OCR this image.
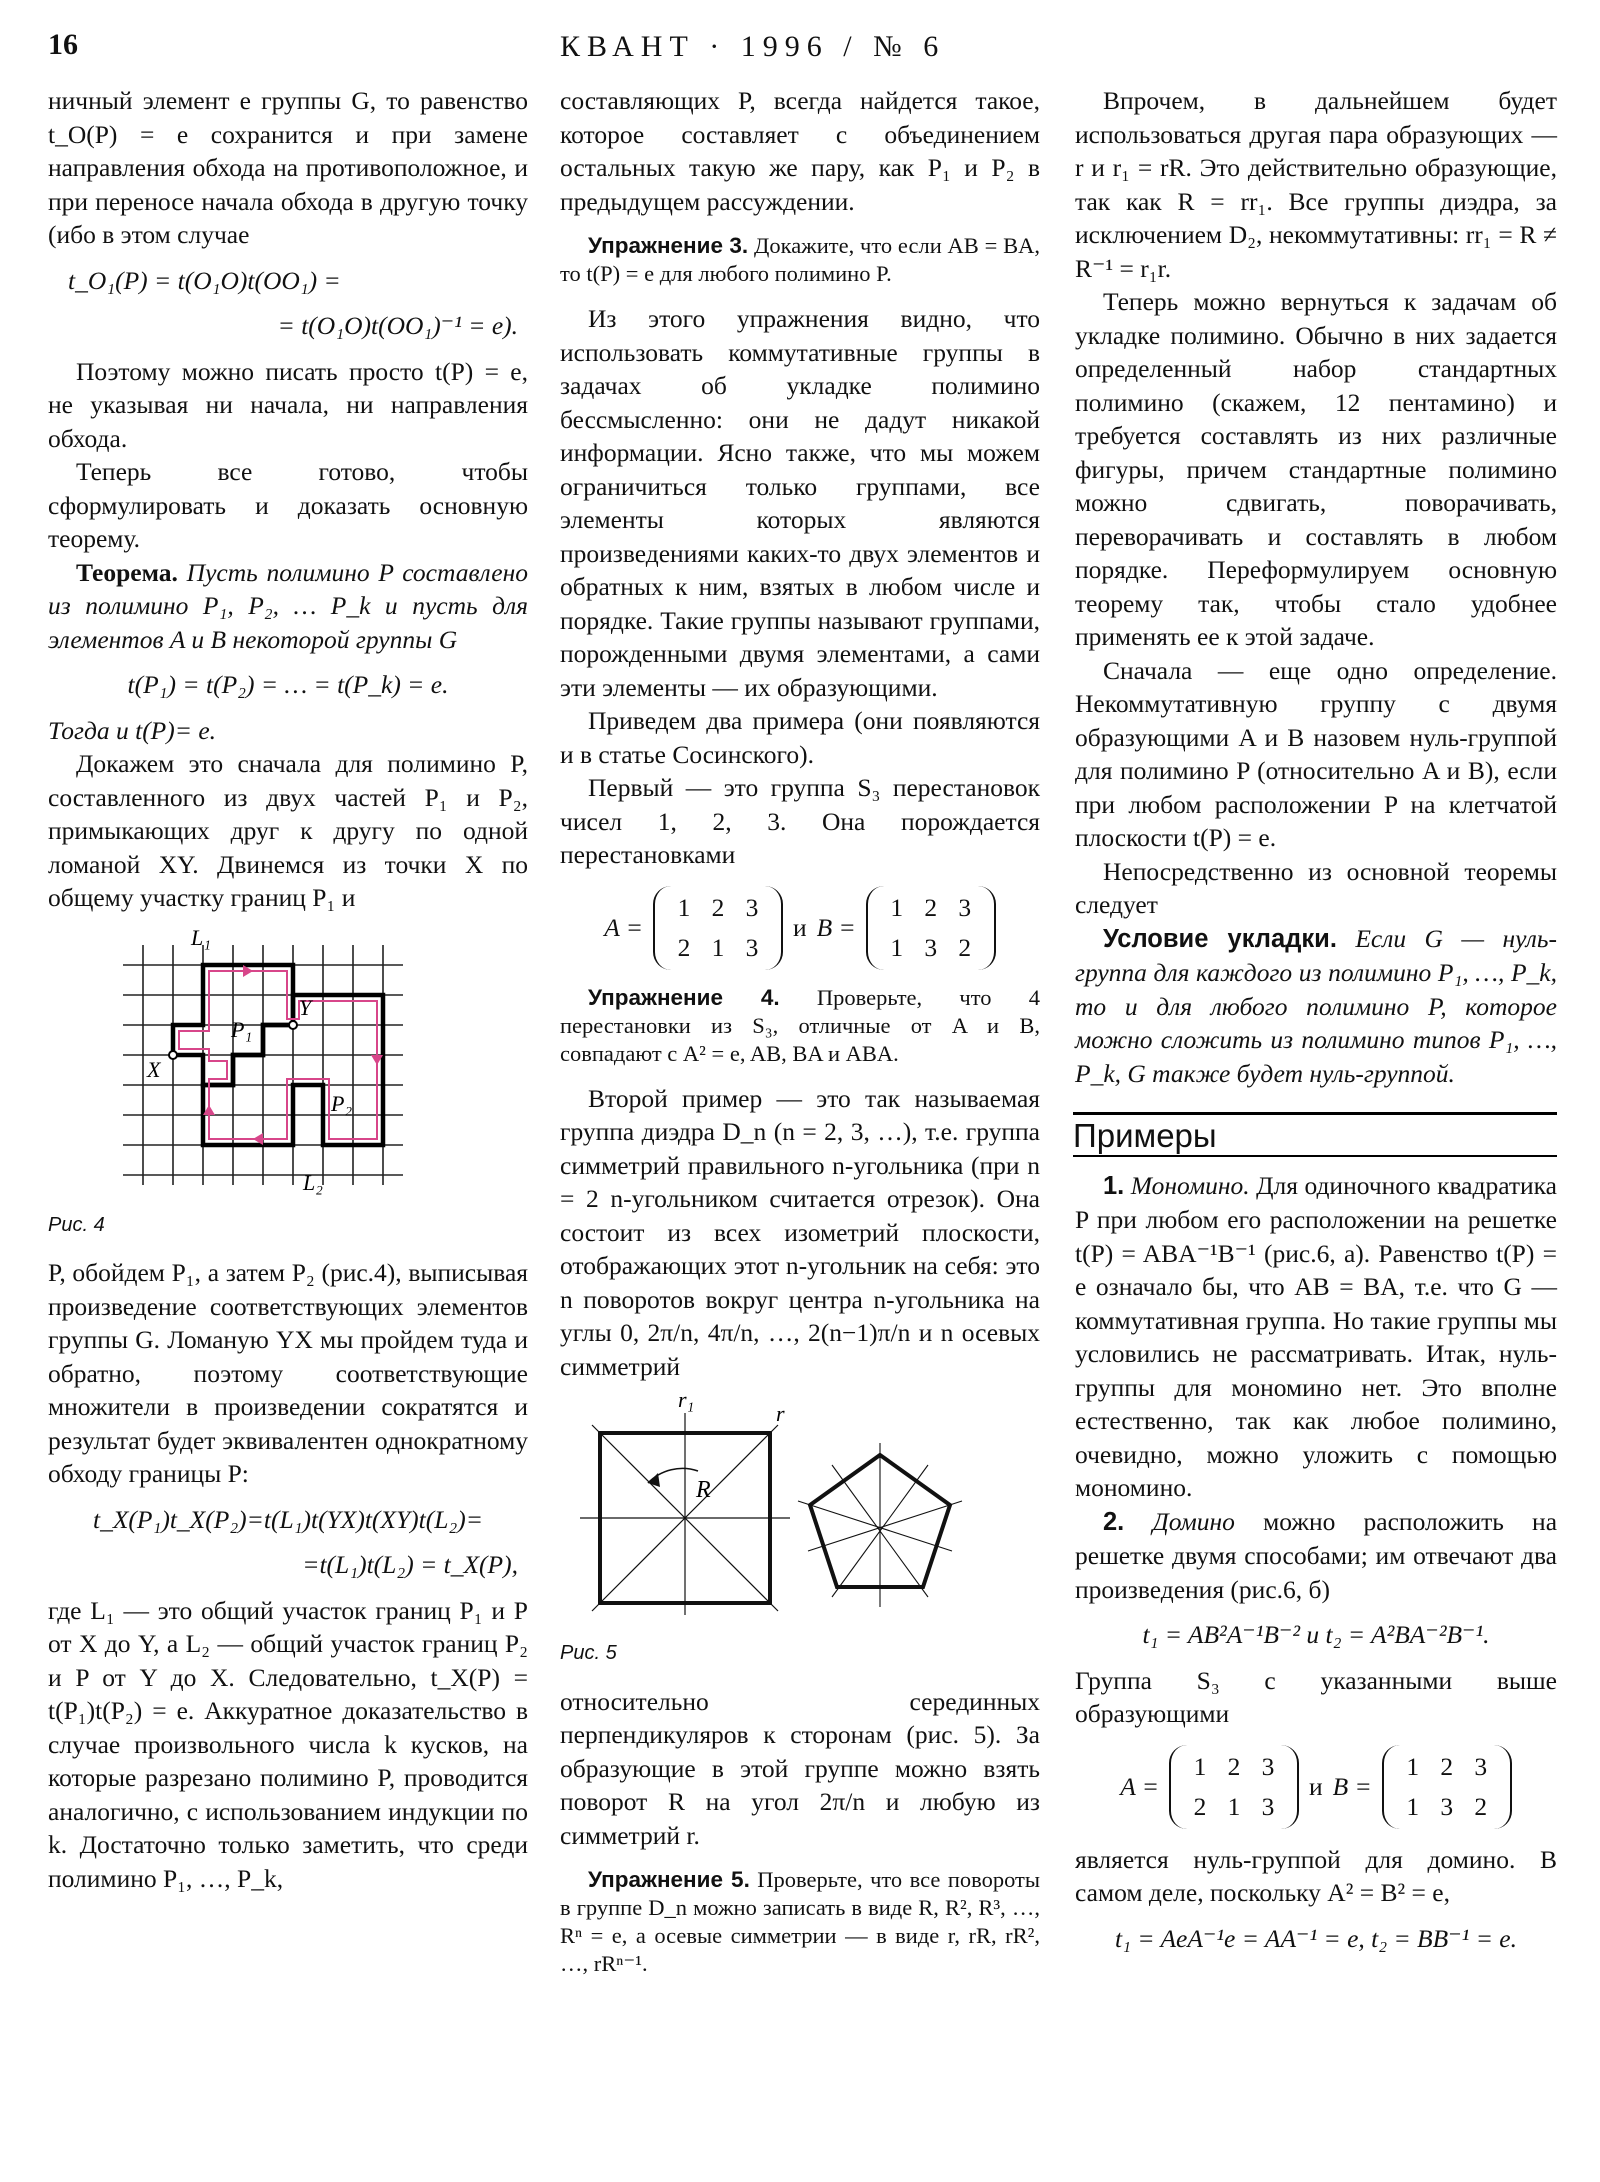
16	КВАНТ · 1996 / № 6

ничный элемент e группы G, то равенство t_O(P) = e сохранится и при замене направления обхода на противоположное, и при переносе начала обхода в другую точку (ибо в этом случае

t_O₁(P) = t(O₁O)t(OO₁) =
= t(O₁O)t(OO₁)⁻¹ = e).

Поэтому можно писать просто t(P) = e, не указывая ни начала, ни направления обхода.

Теперь все готово, чтобы сформулировать и доказать основную теорему.

Теорема. Пусть полимино P составлено из полимино P₁, P₂, … P_k и пусть для элементов A и B некоторой группы G

t(P₁) = t(P₂) = … = t(P_k) = e.

Тогда и t(P)= e.

Докажем это сначала для полимино P, составленного из двух частей P₁ и P₂, примыкающих друг к другу по одной ломаной XY. Двинемся из точки X по общему участку границ P₁ и

L₁
L₂
Y
X
P₁
P₂
Рис. 4

P, обойдем P₁, а затем P₂ (рис.4), выписывая произведение соответствующих элементов группы G. Ломаную YX мы пройдем туда и обратно, поэтому соответствующие множители в произведении сократятся и результат будет эквивалентен однократному обходу границы P:

t_X(P₁)t_X(P₂)=t(L₁)t(YX)t(XY)t(L₂)=
=t(L₁)t(L₂) = t_X(P),

где L₁ — это общий участок границ P₁ и P от X до Y, а L₂ — общий участок границ P₂ и P от Y до X. Следовательно, t_X(P) = t(P₁)t(P₂) = e. Аккуратное доказательство в случае произвольного числа k кусков, на которые разрезано полимино P, проводится аналогично, с использованием индукции по k. Достаточно только заметить, что среди полимино P₁, …, P_k,

составляющих P, всегда найдется такое, которое составляет с объединением остальных такую же пару, как P₁ и P₂ в предыдущем рассуждении.

Упражнение 3. Докажите, что если AB = BA, то t(P) = e для любого полимино P.

Из этого упражнения видно, что использовать коммутативные группы в задачах об укладке полимино бессмысленно: они не дадут никакой информации. Ясно также, что мы можем ограничиться только группами, все элементы которых являются произведениями каких-то двух элементов и обратных к ним, взятых в любом числе и порядке. Такие группы называют группами, порожденными двумя элементами, а сами эти элементы — их образующими.

Приведем два примера (они появляются и в статье Сосинского).

Первый — это группа S₃ перестановок чисел 1, 2, 3. Она порождается перестановками

A =
1 2 3
2 1 3
и B =
1 2 3
1 3 2
Упражнение 4. Проверьте, что 4 перестановки из S₃, отличные от A и B, совпадают с A² = e, AB, BA и ABA.

Второй пример — это так называемая группа диэдра D_n (n = 2, 3, …), т.е. группа симметрий правильного n-угольника (при n = 2 n-угольником считается отрезок). Она состоит из всех изометрий плоскости, отображающих этот n-угольник на себя: это n поворотов вокруг центра n-угольника на углы 0, 2π/n, 4π/n, …, 2(n−1)π/n и n осевых симметрий

r₁
r
R
Рис. 5

относительно серединных перпендикуляров к сторонам (рис. 5). За образующие в этой группе можно взять поворот R на угол 2π/n и любую из симметрий r.

Упражнение 5. Проверьте, что все повороты в группе D_n можно записать в виде R, R², R³, …, Rⁿ = e, а осевые симметрии — в виде r, rR, rR², …, rRⁿ⁻¹.

Впрочем, в дальнейшем будет использоваться другая пара образующих — r и r₁ = rR. Это действительно образующие, так как R = rr₁. Все группы диэдра, за исключением D₂, некоммутативны: rr₁ = R ≠ R⁻¹ = r₁r.

Теперь можно вернуться к задачам об укладке полимино. Обычно в них задается определенный набор стандартных полимино (скажем, 12 пентамино) и требуется составлять из них различные фигуры, причем стандартные полимино можно сдвигать, поворачивать, переворачивать и составлять в любом порядке. Переформулируем основную теорему так, чтобы стало удобнее применять ее к этой задаче.

Сначала — еще одно определение. Некоммутативную группу с двумя образующими A и B назовем нуль-группой для полимино P (относительно A и B), если при любом расположении P на клетчатой плоскости t(P) = e.

Непосредственно из основной теоремы следует

Условие укладки. Если G — нуль-группа для каждого из полимино P₁, …, P_k, то и для любого полимино P, которое можно сложить из полимино типов P₁, …, P_k, G также будет нуль-группой.

Примеры

1. Мономино. Для одиночного квадратика P при любом его расположении на решетке t(P) = ABA⁻¹B⁻¹ (рис.6, а). Равенство t(P) = e означало бы, что AB = BA, т.е. что G — коммутативная группа. Но такие группы мы условились не рассматривать. Итак, нуль-группы для мономино нет. Это вполне естественно, так как любое полимино, очевидно, можно уложить с помощью мономино.

2. Домино можно расположить на решетке двумя способами; им отвечают два произведения (рис.6, б)

t₁ = AB²A⁻¹B⁻² и t₂ = A²BA⁻²B⁻¹.

Группа S₃ с указанными выше образующими

A =
1 2 3
2 1 3
и B =
1 2 3
1 3 2

является нуль-группой для домино. В самом деле, поскольку A² = B² = e,

t₁ = AeA⁻¹e = AA⁻¹ = e, t₂ = BB⁻¹ = e.
